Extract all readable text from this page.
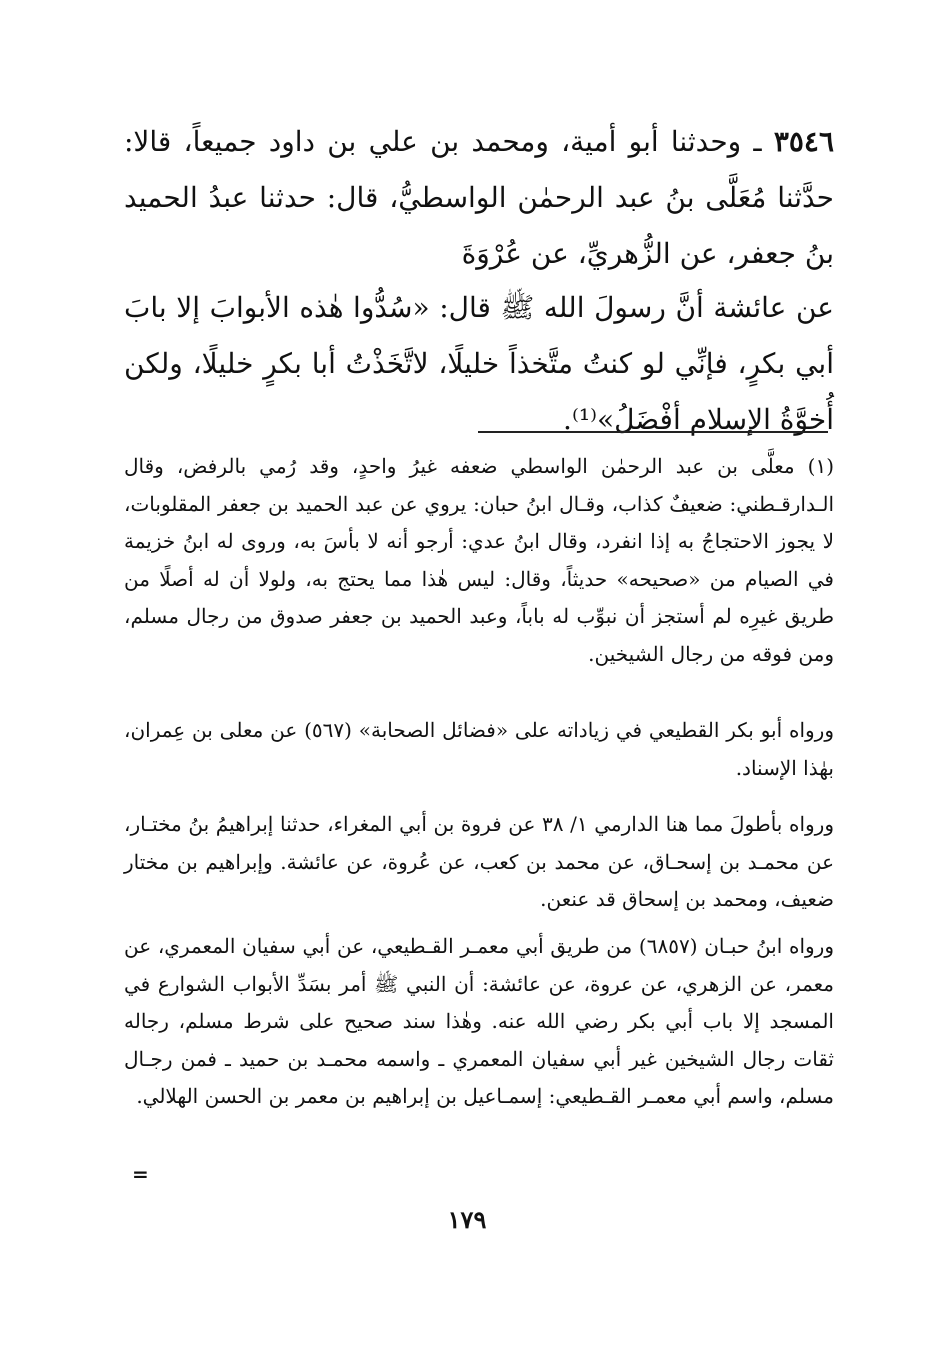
٣٥٤٦ ـ وحدثنا أبو أمية، ومحمد بن علي بن داود جميعاً، قالا: حدَّثنا مُعَلَّى بنُ عبد الرحمٰن الواسطيُّ، قال: حدثنا عبدُ الحميد بنُ جعفر، عن الزُّهريِّ، عن عُرْوَةَ

عن عائشة أنَّ رسولَ الله ﷺ قال: «سُدُّوا هٰذه الأبوابَ إلا بابَ أبي بكرٍ، فإنِّي لو كنتُ متَّخذاً خليلًا، لاتَّخَذْتُ أبا بكرٍ خليلًا، ولكن أُخوَّةُ الإسلام أفْضَلُ»⁽¹⁾.

(١) معلَّى بن عبد الرحمٰن الواسطي ضعفه غيرُ واحدٍ، وقد رُمي بالرفض، وقال الـدارقـطني: ضعيفٌ كذاب، وقـال ابنُ حبان: يروي عن عبد الحميد بن جعفر المقلوبات، لا يجوز الاحتجاجُ به إذا انفرد، وقال ابنُ عدي: أرجو أنه لا بأسَ به، وروى له ابنُ خزيمة في الصيام من «صحيحه» حديثاً، وقال: ليس هٰذا مما يحتج به، ولولا أن له أصلًا من طريق غيرِه لم أستجز أن نبوِّب له باباً، وعبد الحميد بن جعفر صدوق من رجال مسلم، ومن فوقه من رجال الشيخين.

ورواه أبو بكر القطيعي في زياداته على «فضائل الصحابة» (٥٦٧) عن معلى بن عِمران، بهٰذا الإسناد.

ورواه بأطولَ مما هنا الدارمي ١/ ٣٨ عن فروة بن أبي المغراء، حدثنا إبراهيمُ بنُ مختـار، عن محمـد بن إسحـاق، عن محمد بن كعب، عن عُروة، عن عائشة. وإبراهيم بن مختار ضعيف، ومحمد بن إسحاق قد عنعن.

ورواه ابنُ حبـان (٦٨٥٧) من طريق أبي معمـر القـطيعي، عن أبي سفيان المعمري، عن معمر، عن الزهري، عن عروة، عن عائشة: أن النبي ﷺ أمر بسَدِّ الأبواب الشوارع في المسجد إلا باب أبي بكر رضي الله عنه. وهٰذا سند صحيح على شرط مسلم، رجاله ثقات رجال الشيخين غير أبي سفيان المعمري ـ واسمه محمـد بن حميد ـ فمن رجـال مسلم، واسم أبي معمـر القـطيعي: إسمـاعيل بن إبراهيم بن معمر بن الحسن الهلالي.

=
١٧٩
